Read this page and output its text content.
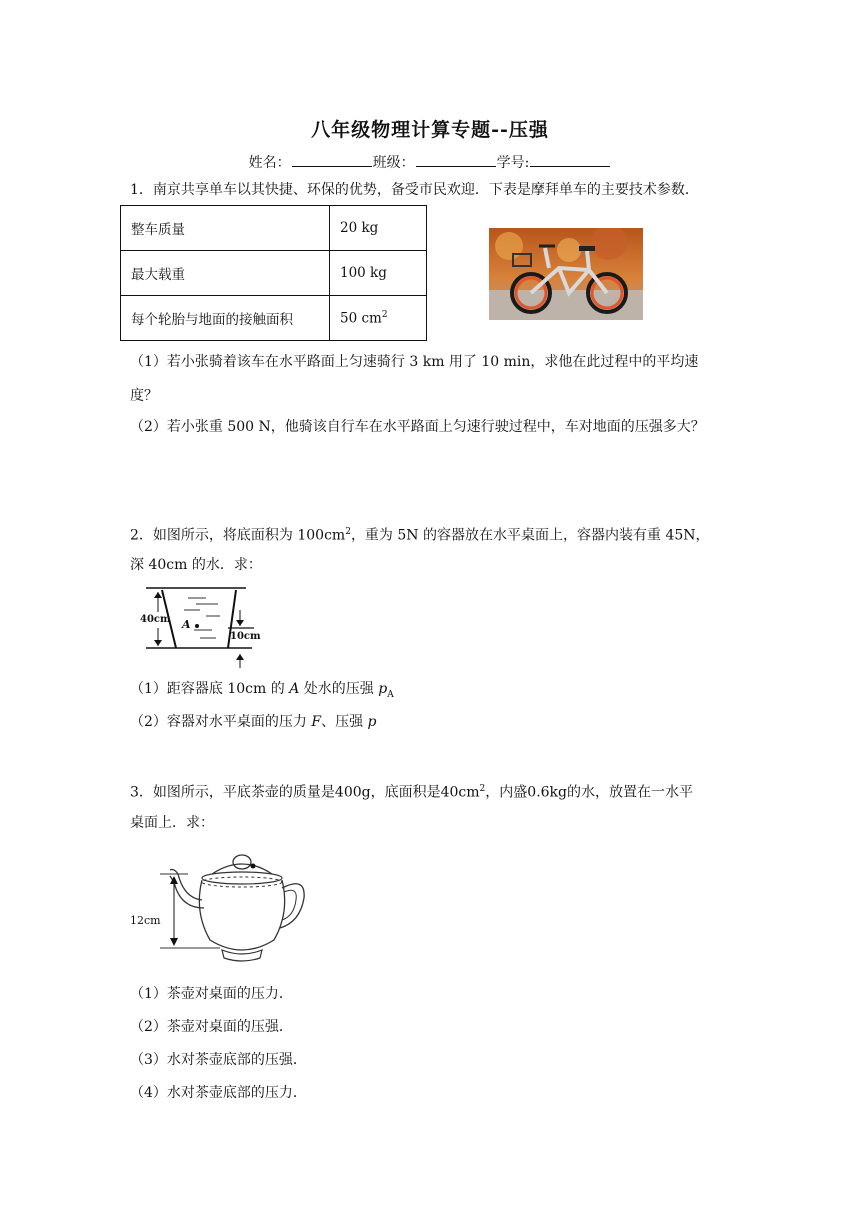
八年级物理计算专题--压强
姓名：	班级：	学号:
1．南京共享单车以其快捷、环保的优势，备受市民欢迎．下表是摩拜单车的主要技术参数．
整车质量	20 kg
最大载重	100 kg
每个轮胎与地面的接触面积	50 $cm^2$
（1）若小张骑着该车在水平路面上匀速骑行 3 km 用了 10 min，求他在此过程中的平均速
度？
（2）若小张重 500 N，他骑该自行车在水平路面上匀速行驶过程中，车对地面的压强多大？
2．如图所示，将底面积为 $100cm^2$，重为 5N 的容器放在水平桌面上，容器内装有重 45N，
深 40cm 的水．求：
40cm A
10cm
（1）距容器底 10cm 的 A 处水的压强 $p_A$
（2）容器对水平桌面的压力 F、压强 p
3．如图所示，平底茶壶的质量是400g，底面积是$40cm^2$，内盛0.6kg的水，放置在一水平
桌面上．求：
12cm
（1）茶壶对桌面的压力．
（2）茶壶对桌面的压强．
（3）水对茶壶底部的压强．
（4）水对茶壶底部的压力．
